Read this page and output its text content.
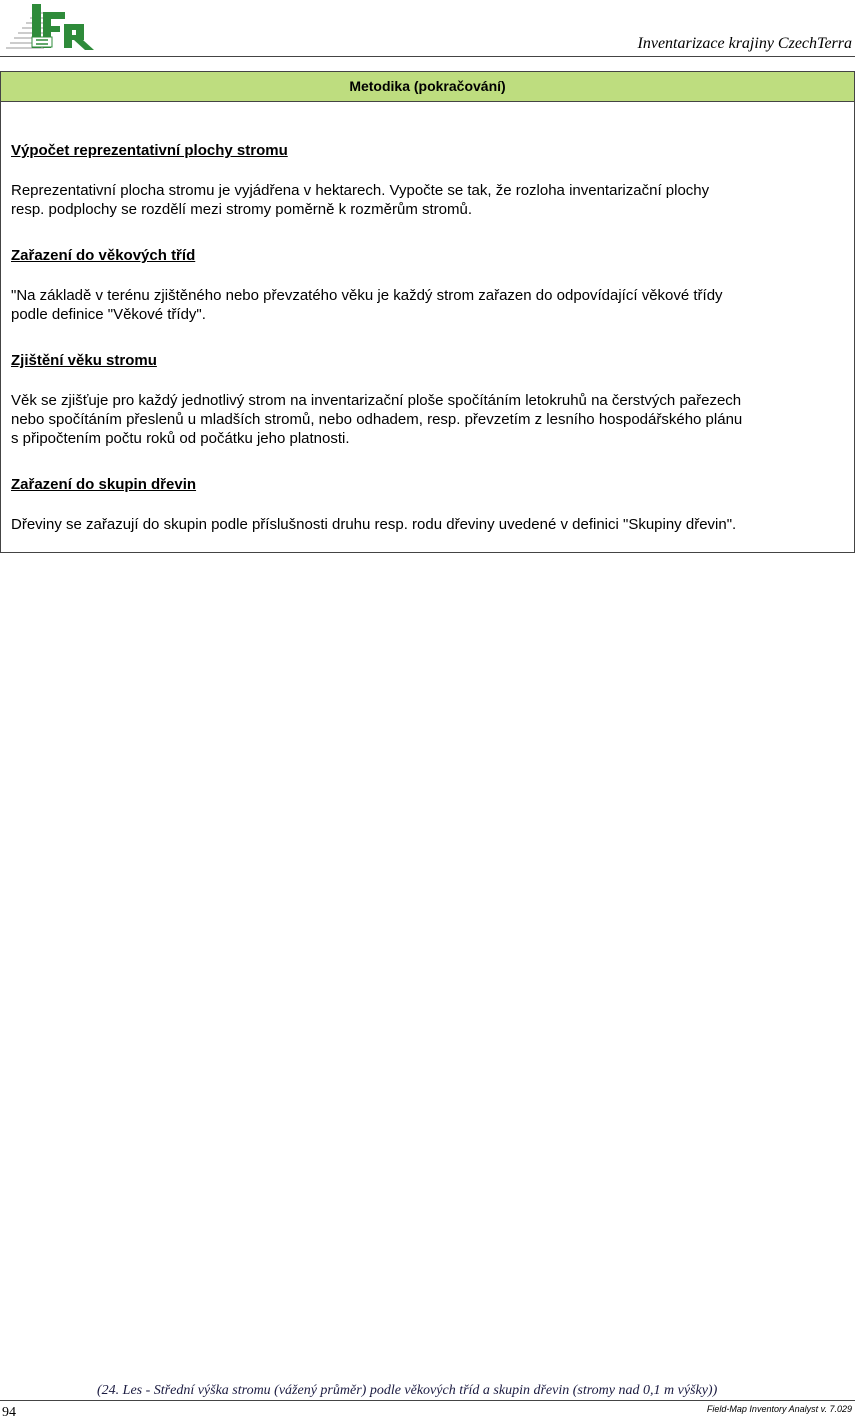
Inventarizace krajiny CzechTerra
Metodika (pokračování)
Výpočet reprezentativní plochy stromu
Reprezentativní plocha stromu je vyjádřena v hektarech. Vypočte se tak, že rozloha inventarizační plochy
resp. podplochy se rozdělí mezi stromy poměrně k rozměrům stromů.
Zařazení do věkových tříd
"Na základě v terénu zjištěného nebo převzatého věku je každý strom zařazen do odpovídající věkové třídy
podle definice "Věkové třídy".
Zjištění věku stromu
Věk se zjišťuje pro každý jednotlivý strom na inventarizační ploše spočítáním letokruhů na čerstvých pařezech
nebo spočítáním přeslenů u mladších stromů, nebo odhadem, resp. převzetím z lesního hospodářského plánu
s připočtením počtu roků od počátku jeho platnosti.
Zařazení do skupin dřevin
Dřeviny se zařazují do skupin podle příslušnosti druhu resp. rodu dřeviny uvedené v definici "Skupiny dřevin".
(24. Les - Střední výška stromu (vážený průměr) podle věkových tříd a skupin dřevin (stromy nad 0,1 m výšky))
94	Field-Map Inventory Analyst v. 7.029
